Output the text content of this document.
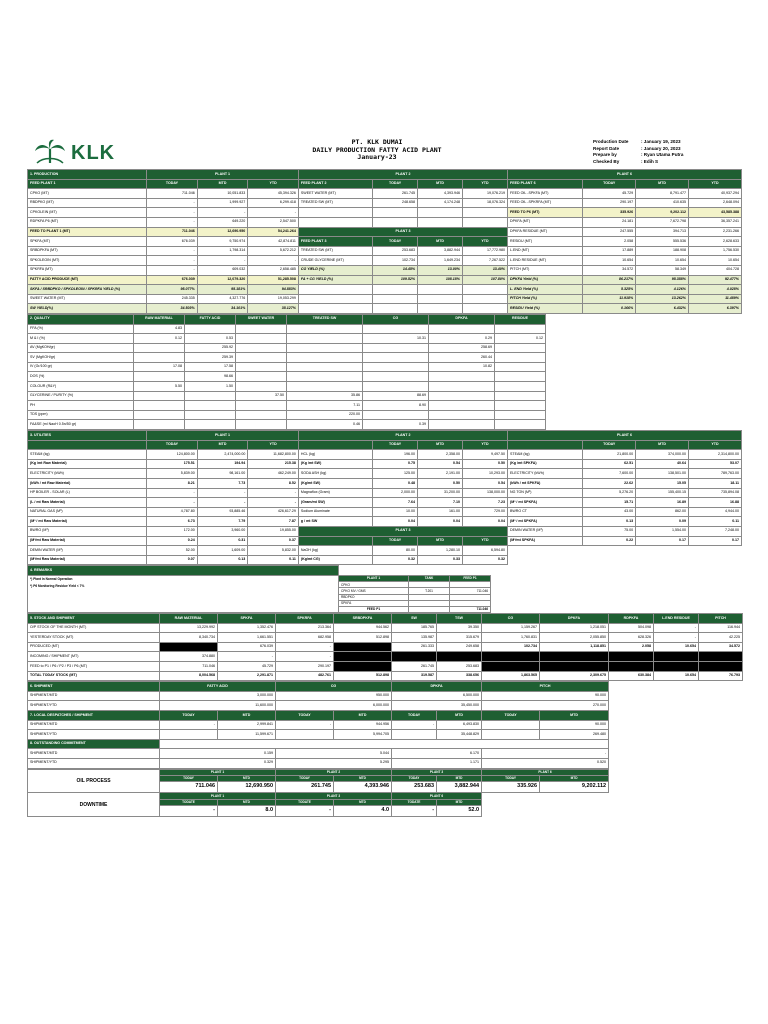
KLK	PT. KLK DUMAI
DAILY PRODUCTION FATTY ACID PLANT
January-23
Production Date	: January 19, 2023
Report Date	: January 20, 2023
Prepare by	: Ryan Utama Putra
Checked By	: Edih S
1. PRODUCTION	PLANT 1			PLANT 2				PLANT 6			
FEED PLANT 1	TODAY	MTD	YTD	FEED PLANT 2	TODAY	MTD	YTD	FEED PLANT 6	TODAY	MTD	YTD
CPKO (MT)	711.046	10,051.833	45,394.326	SWEET WATER (MT)	261.745	4,393.946	19,076.219	FEED OIL -SPKFA (MT)	45.729	8,791.477	40,937.294
RBDPKO (MT)	-	1,999.927	6,299.418	TREATED SW (MT)	248.658	4,174.248	18,076.324	FEED OIL -SPKRFA (MT)	290.197	410.635	2,648.094
CPKOLEIN (MT)	-	-	-					FEED TO P6 (MT)	335.926	9,202.112	43,585.388
RDPKFA P6 (MT)	-	649.220	2,547.500					DPKFA (MT)	24.181	7,672.798	36,357.241
FEED TO PLANT 1 (MT)	711.046	12,690.950	54,241.264	PLANT 3				DPKFA RESIDUE (MT)	247.555	394.713	2,231.266
SPKFA (MT)	676.039	9,750.974	42,874.811	FEED PLANT 3	TODAY	MTD	YTD	RESIDU (MT)	2.058	555.536	2,628.633
SRBDPKFA (MT)	-	1,798.314	5,672.212	TREATED SW (MT)	253.683	3,882.944	17,772.980	L.END (MT)	17.889	188.908	1,756.530
SPKOLEOIN (MT)	-	-	-	CRUDE GLYCERINE (MT)	102.734	1,649.234	7,267.522	L.END RESIDUE (MT)	10.654	10.654	10.654
SPKRFA (MT)	-	609.032	2,658.485	CG YIELD (%)	14.45%	13.00%	13.40%	PITCH (MT)	34.572	58.349	404.728
FATTY ACID PRODUCE (MT)	676.039	12,079.320	51,285.508	FA + CG YIELD (%)	109.52%	108.18%	107.80%	DPKFA Yield (%)	86.217%	95.358%	92.477%
SKFA / SRBDPKO / SPKOLEOIN / SPKRFA YIELD (%)	95.077%	95.181%	94.883%					L. END Yield (%)	5.325%	4.126%	4.028%
SWEET WATER (MT)	245.335	4,327.776	19,053.299					PITCH Yield (%)	11.918%	13.262%	11.489%
SW YIELD(%)	34.503%	34.101%	35.127%					RESIDU Yield (%)	0.166%	6.432%	6.397%
2. QUALITY	RAW MATERIAL	FATTY ACID	SWEET WATER	TREATED SW	CG	DPKFA	RESIDUE	
FFA (%)	4.83							
M & I (%)	0.12	0.53			10.31	0.29	0.12	
AV (MgKOH/gr)		255.92				258.69		
SV (MgKOH/gr)		259.39				260.44		
IV (Gr/100 gr)	17.08	17.58				10.82		
DOS (%)		98.66						
COLOUR (R&Y)	5.50	1.50						
GLYCERINE / PURITY (%)			37.50	35.86	88.69			
PH				7.11	8.90			
TDS (ppm)				220.00				
FA&SE (ml NaoH 0.5n/50 gr)				0.46	0.39			
3. UTILITIES	PLANT 1			PLANT 2				PLANT 6			
	TODAY	MTD	YTD		TODAY	MTD	YTD		TODAY	MTD	YTD
STEAM (kg)	124,800.00	2,474,000.00	11,682,800.00	HCL (kg)	196.00	2,358.00	9,497.50	STEAM (kg)	21,800.00	374,000.00	2,314,800.00
(Kg /mt Raw Material)	175.51	194.94	215.38	(Kg /mt SW)	0.75	0.54	0.50	(Kg /mt SPKFA)	62.51	40.64	53.07
ELECTRICITY (kWh)	5,839.00	98,161.00	462,249.00	SODA ASH (kg)	125.00	2,191.00	10,293.00	ELECTRICITY (kWh)	7,600.00	138,501.00	789,763.00
(kWh / mt Raw Material)	8.21	7.73	8.52	(Kg/mt SW)	0.48	0.50	0.54	(kWh / mt SPKFA)	22.62	15.05	18.11
HP BOILER - SOLAR (L)	-	-	-	Magnaflox (Gram)	2,000.00	31,200.00	138,000.00	NG TON (M³)	5,276.20	155,400.15	735,894.08
(L / mt Raw Material)	-	-	-	(Gram/mt SW)	7.64	7.10	7.23	(M³ / mt SPKFA)	15.71	16.89	16.88
NATURAL GAS (M³)	4,787.80	93,885.46	426,617.29	Sodium Aluminate	10.00	161.00	729.00	BWRO CT	43.00	862.00	4,944.00
(M³ / mt Raw Material)	6.73	7.79	7.87	g / mt SW	0.04	0.04	0.04	(M³ / mt SPKFA)	0.13	0.09	0.11
BWRO (M³)	172.00	3,960.00	19,855.00	PLANT 3				DEMIN WATER (M³)	75.00	1,554.00	7,248.00
(M³/mt Raw Material)	0.24	0.31	0.37		TODAY	MTD	YTD	(M³/mt SPKFA)	0.22	0.17	0.17
DEMIN WATER (M³)	52.00	1,609.00	5,832.00	NaOH (kg)	80.00	1,280.10	6,594.80				
(M³/mt Raw Material)	0.07	0.13	0.11	(Kg/mt CG)	0.32	0.33	0.32				
4. REMARKS				

*) Plant In Normal Operation
*) P6 Monitoring Residue Yield < 7%	PLANT 1	TANK	FEED P1	
	CPKO			
	CPKO MV / GMS	T.201	711.046	
	RBDPKO			
	SPKFA			
	FEED P1		711.046	
5. STOCK AND SHIPMENT	RAW MATERIAL	SPKFA	SPKRFA	SRBDPKFA	SW	TSW	CG	DPKFA	RDPKFA	L.END RESIDUE	PITCH
O/P STOCK OF THE MONTH (MT)	13,229.992	1,352.476	213.364	944.562	185.765	39.350	1,159.267	1,218.051	504.098	-	116.944
YESTERDAY STOCK (MT)	8,340.734	1,661.551	682.958	512.898	135.987	315.679	1,760.831	2,055.850	628.326	-	42.225
PRODUCED (MT)		676.039	-		261.333	249.658	102.734	1,118.851	2.058	10.654	34.572
INCOMING / SHIPMENT (MT)	374.880	-	-		-	-					
FEED to P1 / P6 / P2 / P3 / P6 (MT)	711.046	45.729	290.197		261.745	253.683					
TOTAL TODAY STOCK (MT)	8,004.568	2,291.871	482.761	512.898	319.587	338.656	1,863.565	2,309.675	630.384	10.654	76.793
6. SHIPMENT	FATTY ACID		CG		DPKFA		PITCH		
SHIPMENT/MTD	3,000.000		950.000		6,500.000		90.000		
SHIPMENT/YTD	11,600.000		6,000.000		35,450.000		270.000		
7. LOCAL DESPATCHES / SHIPMENT	TODAY	MTD	TODAY	MTD	TODAY	MTD	TODAY	MTD	
SHIPMENT/MTD	-	2,999.841	-	944.956	-	6,493.830		90.000	
SHIPMENT/YTD		11,599.671		5,994.705		35,448.829		269.480	
8. OUTSTANDING COMMITMENT									
SHIPMENT/MTD	0.159		5.044		6.170		-		
SHIPMENT/YTD	0.329		5.295		1.171		0.520		
OIL PROCESS	PLANT 1		PLANT 2		PLANT 3		PLANT 6		
	TODAY	MTD	TODAY	MTD	TODAY	MTD	TODAY	MTD	
	711.046	12,690.950	261.745	4,393.946	253.683	3,882.944	335.926	9,202.112	
DOWNTIME	PLANT 1		PLANT 3		PLANT 6				
	TODATE	MTD	TODATE	MTD	TODATE	MTD			
	-	8.0	-	4.0	-	52.0			
